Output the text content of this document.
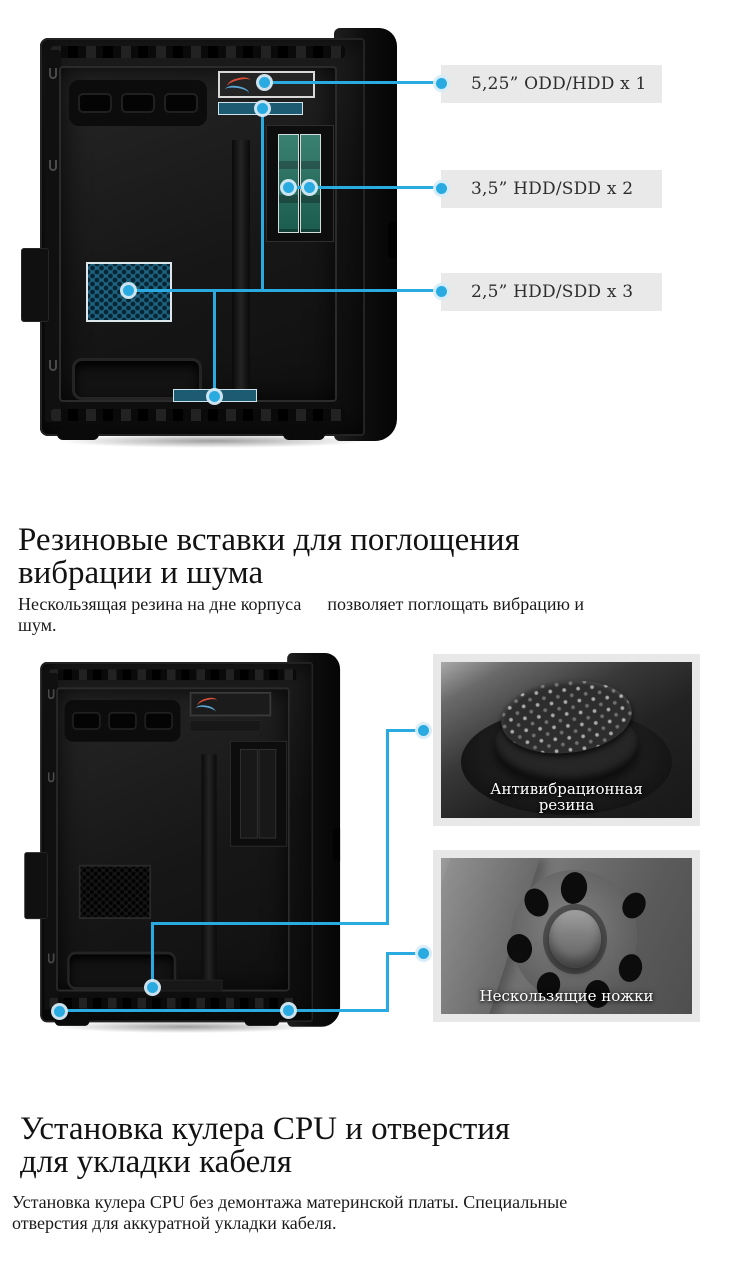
5,25” ODD/HDD x 1
3,5” HDD/SDD x 2
2,5” HDD/SDD x 3
Резиновые вставки для поглощения
вибрации и шума
Нескользящая резина на дне корпуса позволяет поглощать вибрацию и
шум.
Антивибрационная
резина
Нескользящие ножки
Установка кулера CPU и отверстия
для укладки кабеля
Установка кулера CPU без демонтажа материнской платы. Специальные
отверстия для аккуратной укладки кабеля.
